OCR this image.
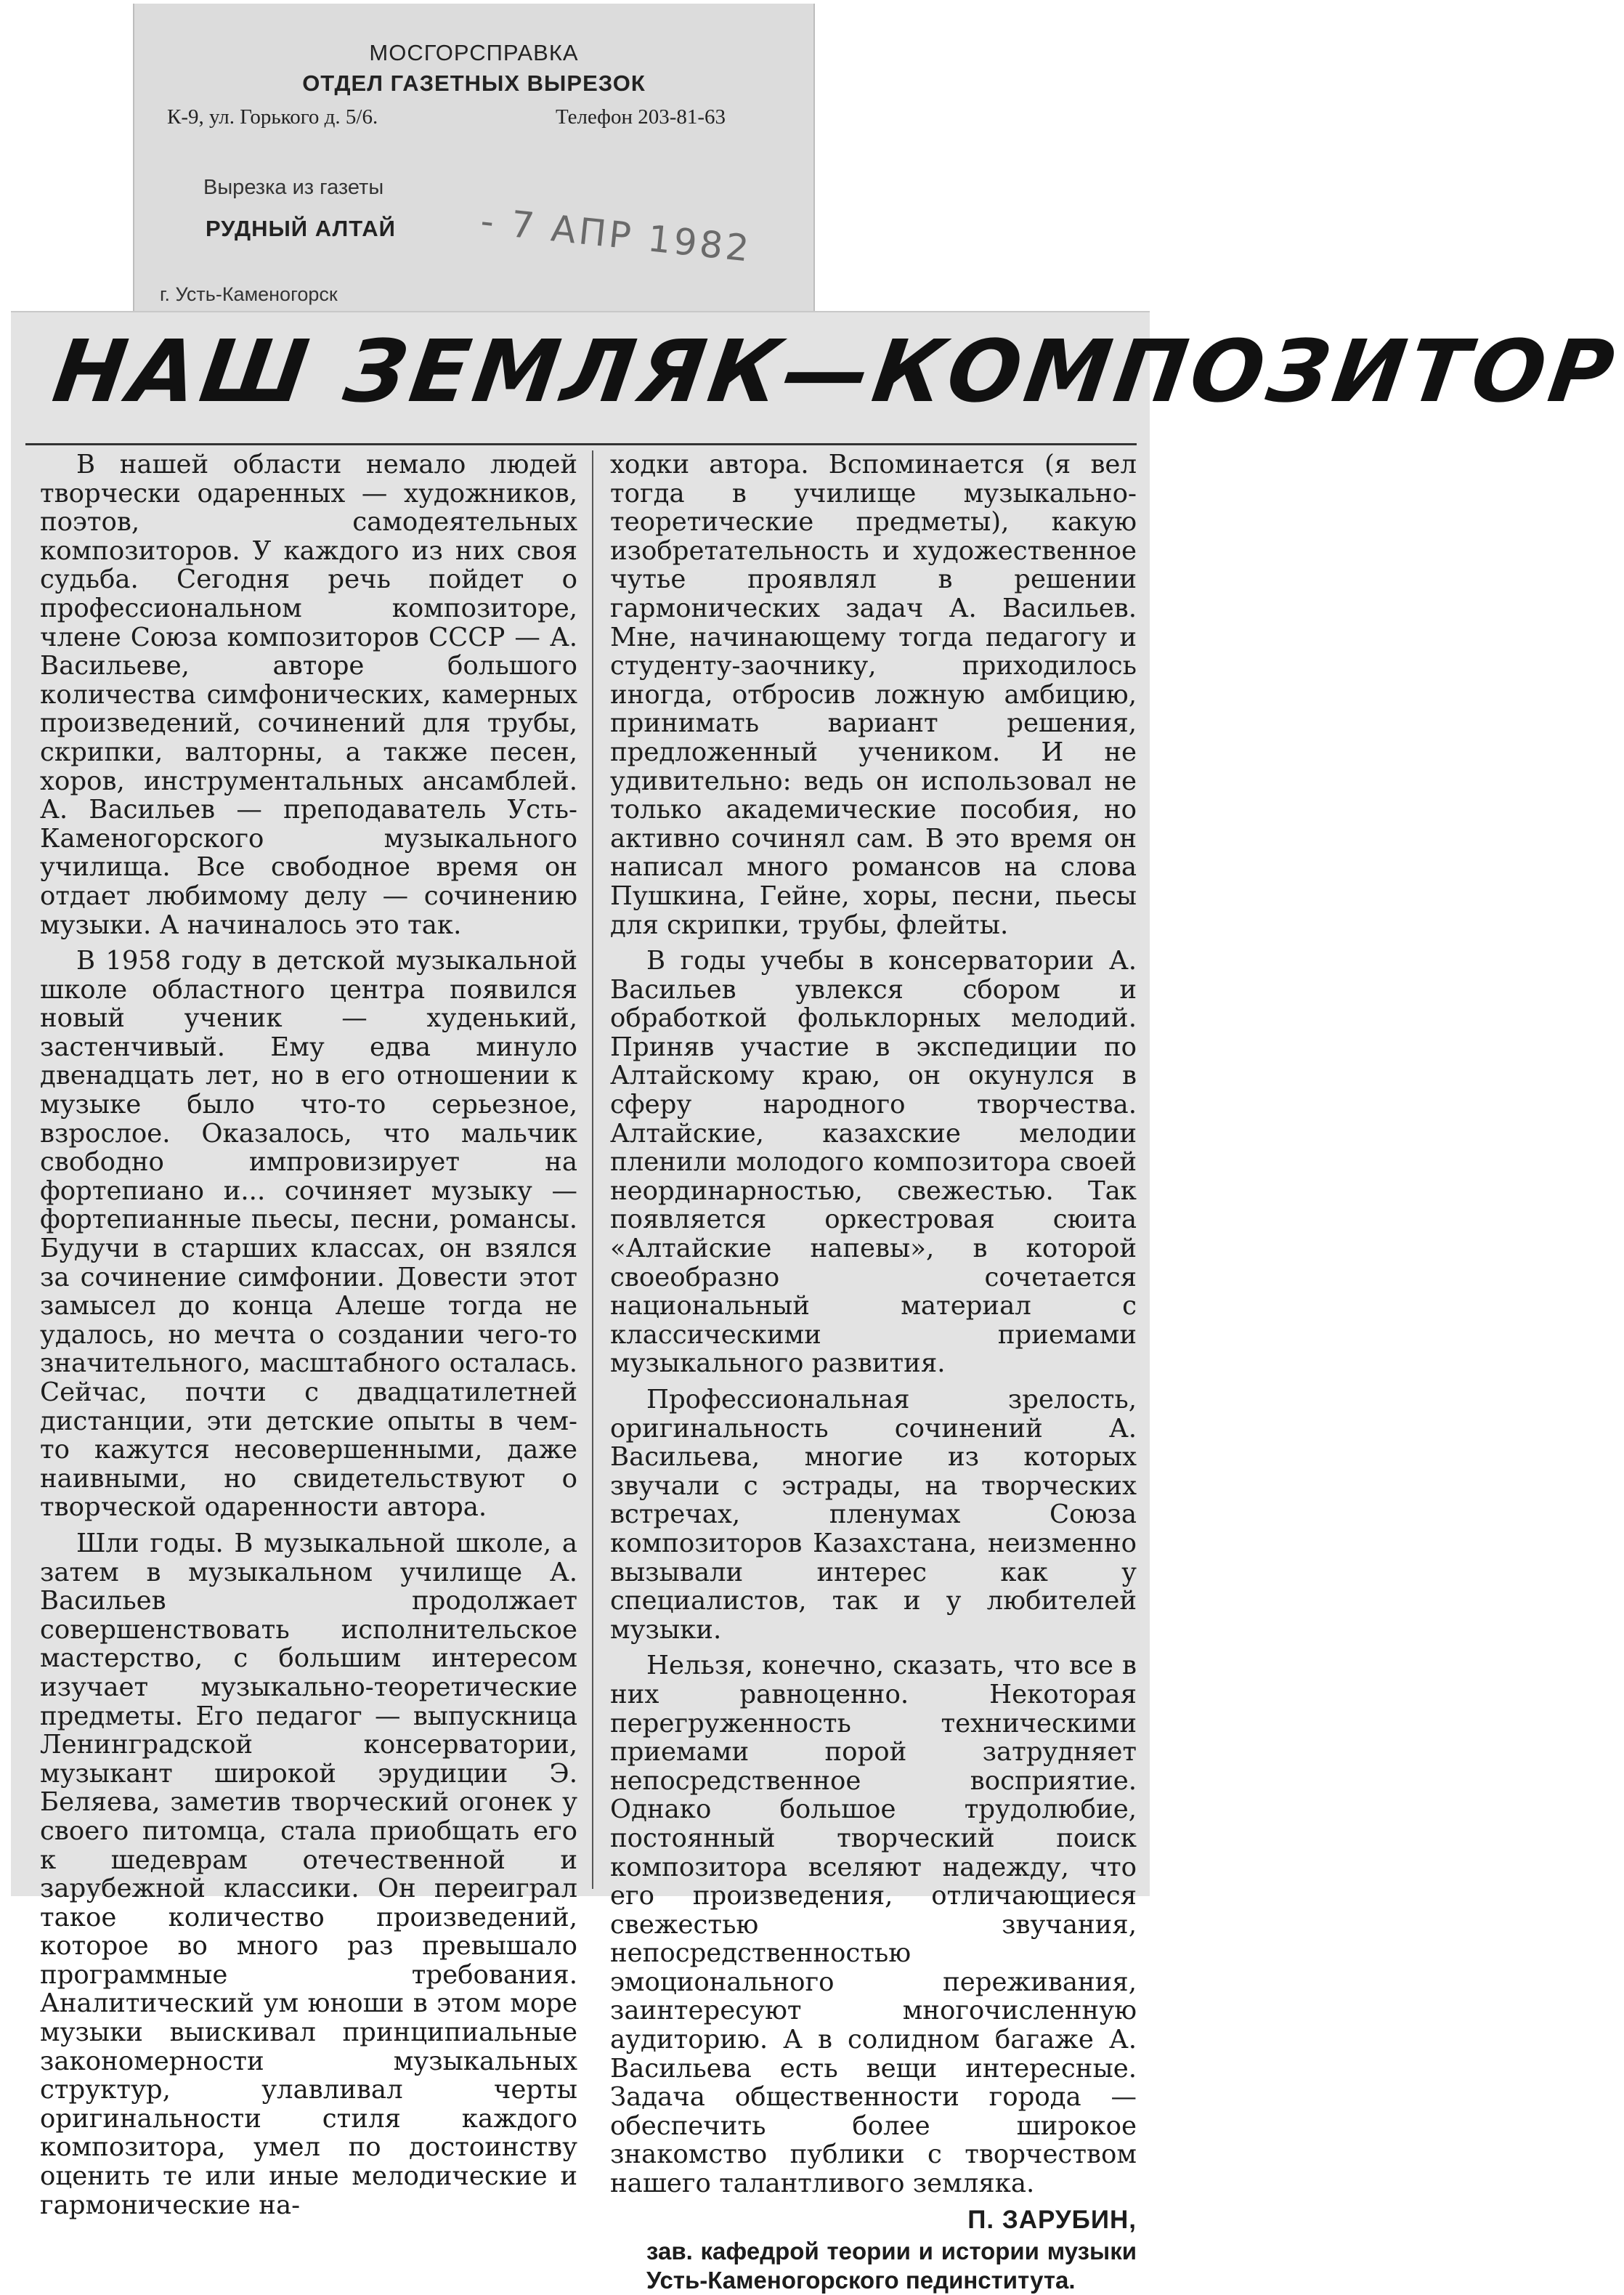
МОСГОРСПРАВКА
ОТДЕЛ ГАЗЕТНЫХ ВЫРЕЗОК
К-9, ул. Горького д. 5/6.	Телефон 203-81-63
Вырезка из газеты
РУДНЫЙ АЛТАЙ - 7 АПР 1982
г. Усть-Каменогорск
НАШ ЗЕМЛЯК—КОМПОЗИТОР

В нашей области немало людей творчески одаренных — художников, поэтов, самодеятельных композиторов. У каждого из них своя судьба. Сегодня речь пойдет о профессиональном композиторе, члене Союза композиторов СССР — А. Васильеве, авторе большого количества симфонических, камерных произведений, сочинений для трубы, скрипки, валторны, а также песен, хоров, инструментальных ансамблей. А. Васильев — преподаватель Усть-Каменогорского музыкального училища. Все свободное время он отдает любимому делу — сочинению музыки. А начиналось это так.

В 1958 году в детской музыкальной школе областного центра появился новый ученик — худенький, застенчивый. Ему едва минуло двенадцать лет, но в его отношении к музыке было что-то серьезное, взрослое. Оказалось, что мальчик свободно импровизирует на фортепиано и... сочиняет музыку — фортепианные пьесы, песни, романсы. Будучи в старших классах, он взялся за сочинение симфонии. Довести этот замысел до конца Алеше тогда не удалось, но мечта о создании чего-то значительного, масштабного осталась. Сейчас, почти с двадцатилетней дистанции, эти детские опыты в чем-то кажутся несовершенными, даже наивными, но свидетельствуют о творческой одаренности автора.

Шли годы. В музыкальной школе, а затем в музыкальном училище А. Васильев продолжает совершенствовать исполнительское мастерство, с большим интересом изучает музыкально-теоретические предметы. Его педагог — выпускница Ленинградской консерватории, музыкант широкой эрудиции Э. Беляева, заметив творческий огонек у своего питомца, стала приобщать его к шедеврам отечественной и зарубежной классики. Он переиграл такое количество произведений, которое во много раз превышало программные требования. Аналитический ум юноши в этом море музыки выискивал принципиальные закономерности музыкальных структур, улавливал черты оригинальности стиля каждого композитора, умел по достоинству оценить те или иные мелодические и гармонические на-

ходки автора. Вспоминается (я вел тогда в училище музыкально-теоретические предметы), какую изобретательность и художественное чутье проявлял в решении гармонических задач А. Васильев. Мне, начинающему тогда педагогу и студенту-заочнику, приходилось иногда, отбросив ложную амбицию, принимать вариант решения, предложенный учеником. И не удивительно: ведь он использовал не только академические пособия, но активно сочинял сам. В это время он написал много романсов на слова Пушкина, Гейне, хоры, песни, пьесы для скрипки, трубы, флейты.

В годы учебы в консерватории А. Васильев увлекся сбором и обработкой фольклорных мелодий. Приняв участие в экспедиции по Алтайскому краю, он окунулся в сферу народного творчества. Алтайские, казахские мелодии пленили молодого композитора своей неординарностью, свежестью. Так появляется оркестровая сюита «Алтайские напевы», в которой своеобразно сочетается национальный материал с классическими приемами музыкального развития.

Профессиональная зрелость, оригинальность сочинений А. Васильева, многие из которых звучали с эстрады, на творческих встречах, пленумах Союза композиторов Казахстана, неизменно вызывали интерес как у специалистов, так и у любителей музыки.

Нельзя, конечно, сказать, что все в них равноценно. Некоторая перегруженность техническими приемами порой затрудняет непосредственное восприятие. Однако большое трудолюбие, постоянный творческий поиск композитора вселяют надежду, что его произведения, отличающиеся свежестью звучания, непосредственностью эмоционального переживания, заинтересуют многочисленную аудиторию. А в солидном багаже А. Васильева есть вещи интересные. Задача общественности города — обеспечить более широкое знакомство публики с творчеством нашего талантливого земляка.

П. ЗАРУБИН,
зав. кафедрой теории и истории музыки Усть-Каменогорского пединститута.
